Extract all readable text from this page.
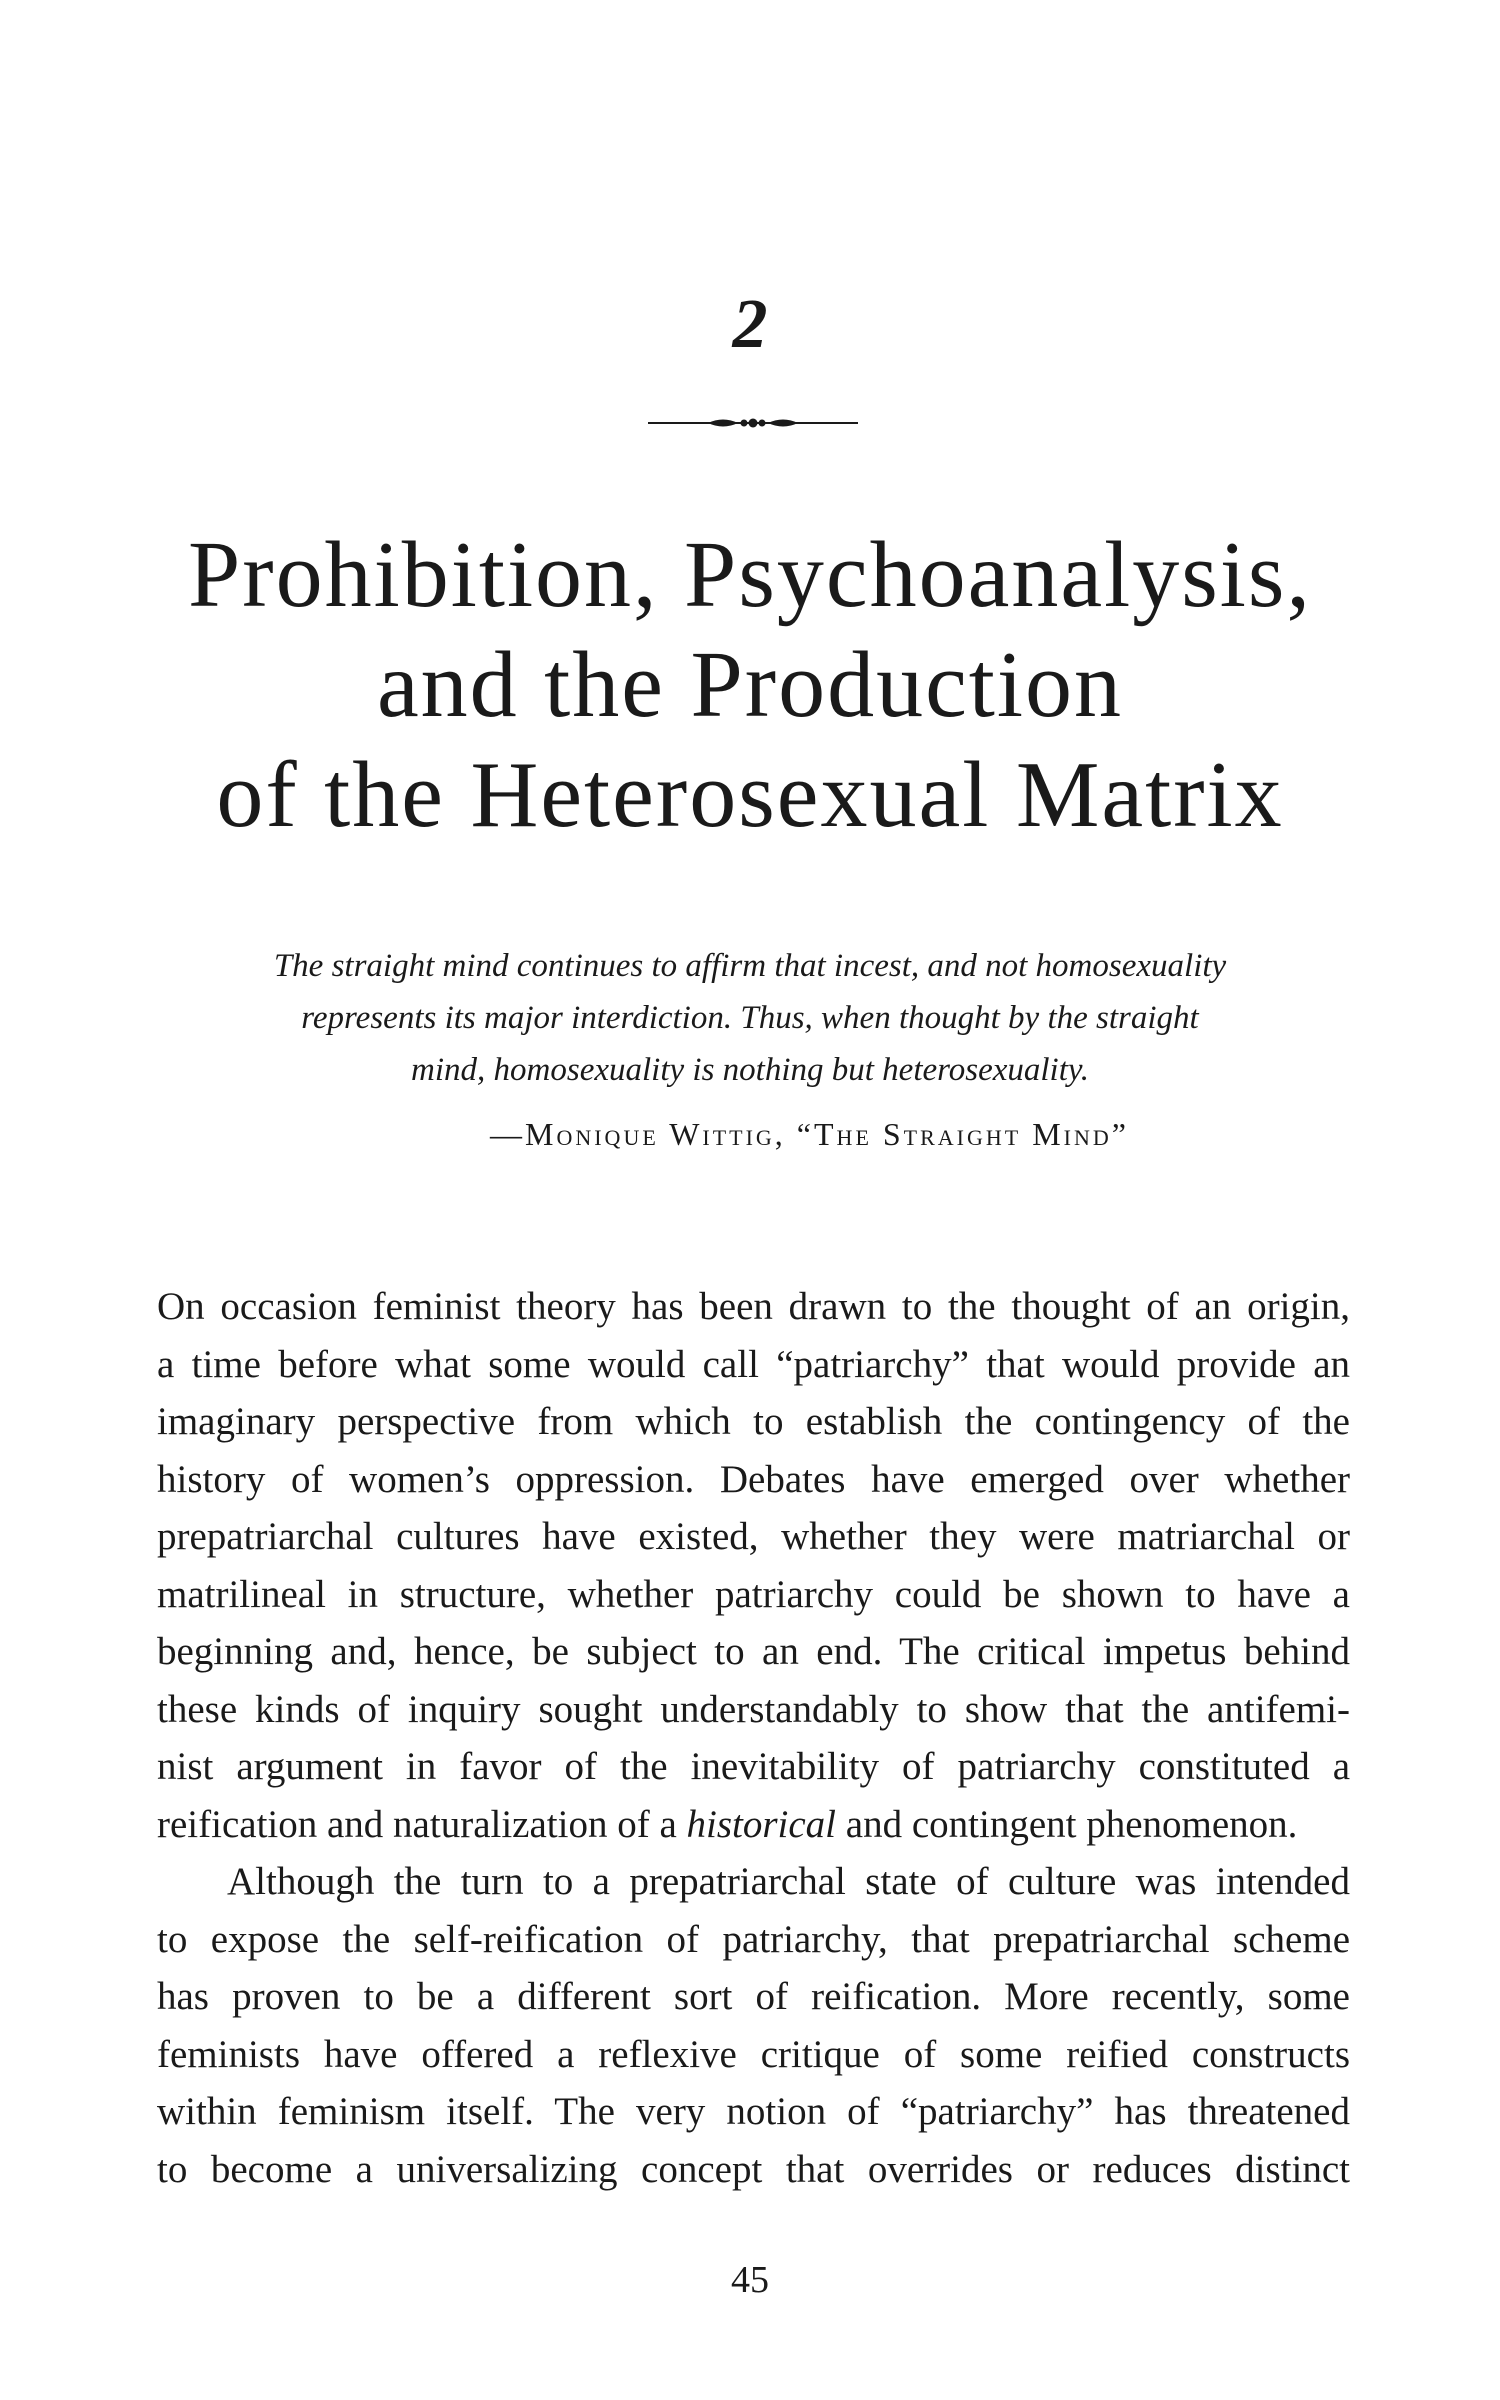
2
Prohibition, Psychoanalysis,
and the Production
of the Heterosexual Matrix
The straight mind continues to affirm that incest, and not homosexuality
represents its major interdiction. Thus, when thought by the straight
mind, homosexuality is nothing but heterosexuality.
—Monique Wittig, “The Straight Mind”
On occasion feminist theory has been drawn to the thought of an origin,
a time before what some would call “patriarchy” that would provide an
imaginary perspective from which to establish the contingency of the
history of women’s oppression. Debates have emerged over whether
prepatriarchal cultures have existed, whether they were matriarchal or
matrilineal in structure, whether patriarchy could be shown to have a
beginning and, hence, be subject to an end. The critical impetus behind
these kinds of inquiry sought understandably to show that the antifemi-
nist argument in favor of the inevitability of patriarchy constituted a
reification and naturalization of a historical and contingent phenomenon.
Although the turn to a prepatriarchal state of culture was intended
to expose the self-reification of patriarchy, that prepatriarchal scheme
has proven to be a different sort of reification. More recently, some
feminists have offered a reflexive critique of some reified constructs
within feminism itself. The very notion of “patriarchy” has threatened
to become a universalizing concept that overrides or reduces distinct
45
